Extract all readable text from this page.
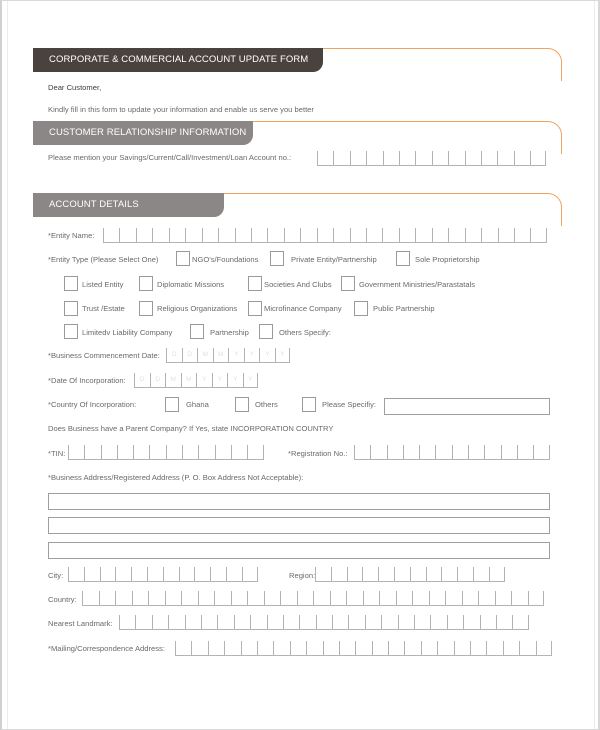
CORPORATE & COMMERCIAL ACCOUNT UPDATE FORM
Dear Customer,
Kindly fill in this form to update your information and enable us serve you better
CUSTOMER RELATIONSHIP INFORMATION
Please mention your Savings/Current/Call/Investment/Loan Account no.:
ACCOUNT DETAILS
*Entity Name:
*Entity Type (Please Select One)	NGO's/Foundations	Private Entity/Partnership	Sole Proprietorship
Listed Entity	Diplomatic Missions	Societies And Clubs	Government Ministries/Parastatals
Trust /Estate	Religious Organizations	Microfinance Company	Public Partnership
Limitedv Liability Company	Partnership	Others Specify:
*Business Commencement Date:	D	D	M	M	Y	Y	Y	Y
*Date Of Incorporation:	D	D	M	M	Y	Y	Y	Y
*Country Of Incorporation:	Ghana	Others	Please Specifiy:
Does Business have a Parent Company? If Yes, state INCORPORATION COUNTRY
*TIN:	*Registration No.:
*Business Address/Registered Address (P. O. Box Address Not Acceptable):
City:	Region:
Country:
Nearest Landmark:
*Mailing/Correspondence Address:
